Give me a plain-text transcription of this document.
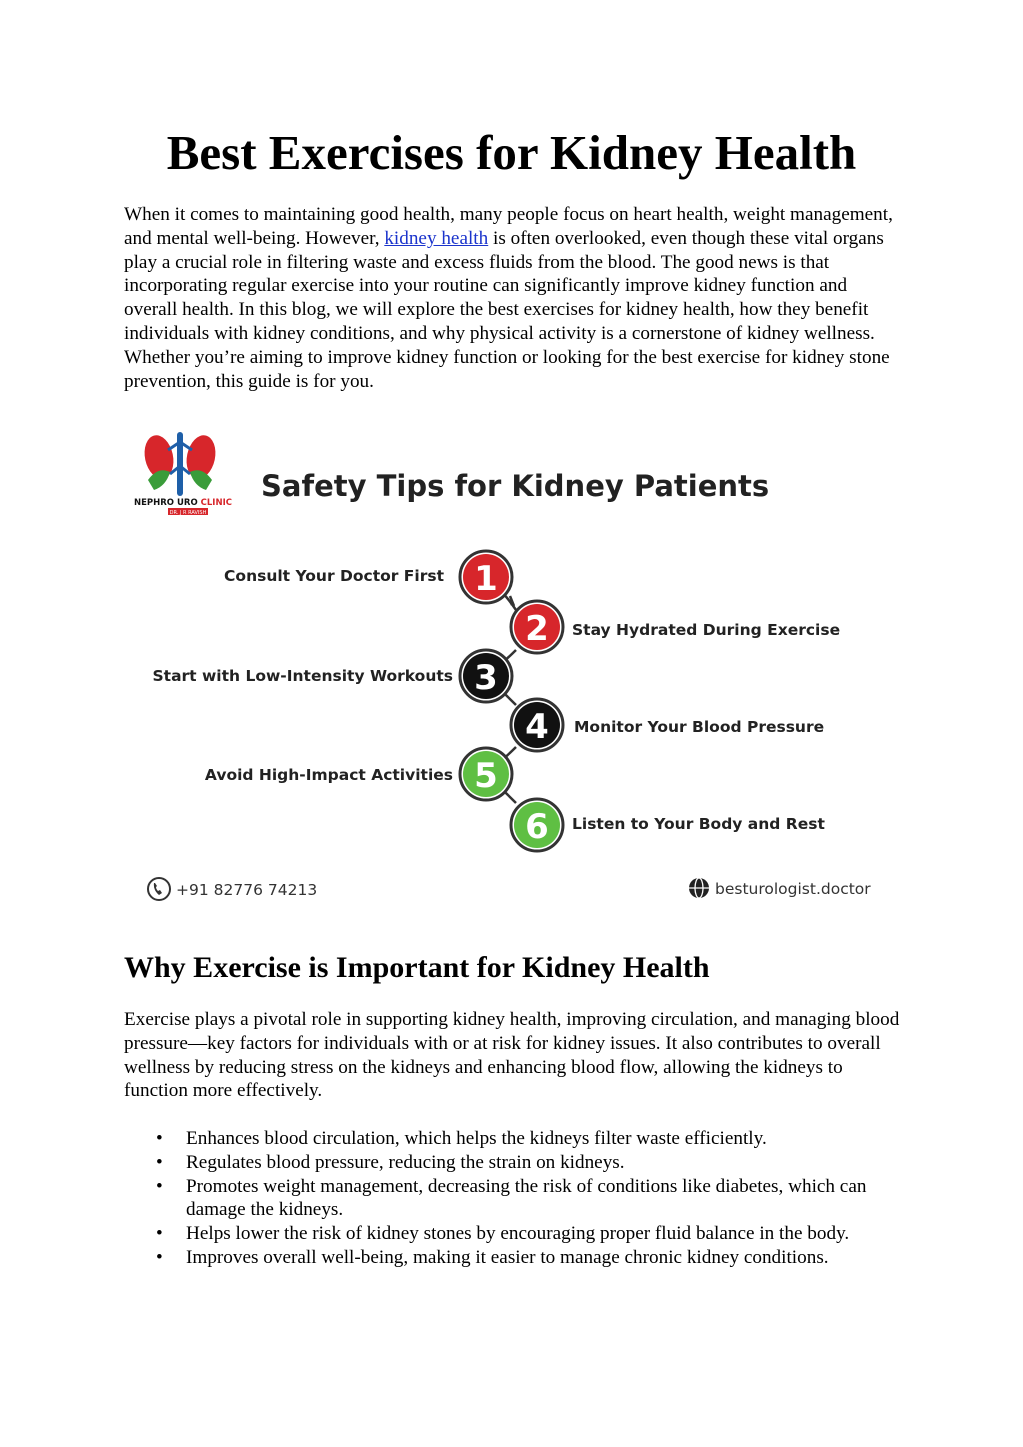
Best Exercises for Kidney Health

When it comes to maintaining good health, many people focus on heart health, weight management, and mental well-being. However, kidney health is often overlooked, even though these vital organs play a crucial role in filtering waste and excess fluids from the blood. The good news is that incorporating regular exercise into your routine can significantly improve kidney function and overall health. In this blog, we will explore the best exercises for kidney health, how they benefit individuals with kidney conditions, and why physical activity is a cornerstone of kidney wellness. Whether you’re aiming to improve kidney function or looking for the best exercise for kidney stone prevention, this guide is for you.

NEPHRO URO CLINIC
DR. J R RAVISH
Safety Tips for Kidney Patients
1
Consult Your Doctor First
2 Stay Hydrated During Exercise
3
Start with Low-Intensity Workouts
4 Monitor Your Blood Pressure
5
Avoid High-Impact Activities
6 Listen to Your Body and Rest
+91 82776 74213	besturologist.doctor
Why Exercise is Important for Kidney Health

Exercise plays a pivotal role in supporting kidney health, improving circulation, and managing blood pressure—key factors for individuals with or at risk for kidney issues. It also contributes to overall wellness by reducing stress on the kidneys and enhancing blood flow, allowing the kidneys to function more effectively.

• Enhances blood circulation, which helps the kidneys filter waste efficiently.
• Regulates blood pressure, reducing the strain on kidneys.
• Promotes weight management, decreasing the risk of conditions like diabetes, which can damage the kidneys.
• Helps lower the risk of kidney stones by encouraging proper fluid balance in the body.
• Improves overall well-being, making it easier to manage chronic kidney conditions.
